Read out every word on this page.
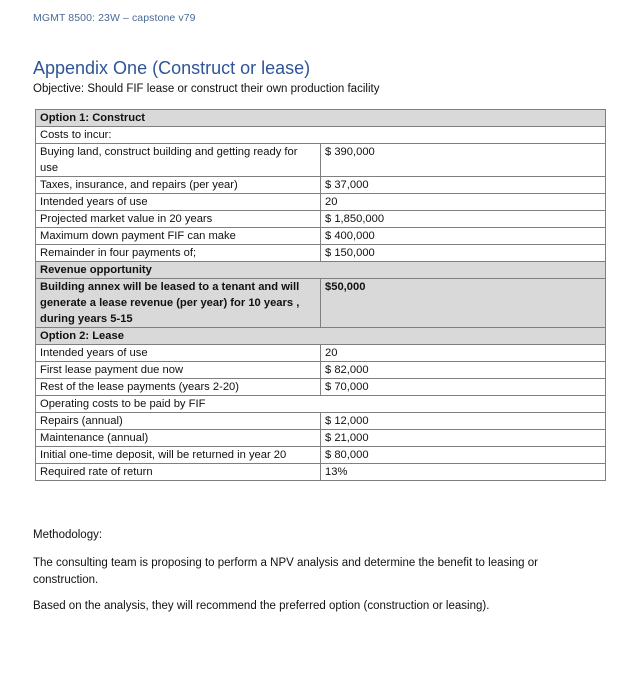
MGMT 8500: 23W – capstone v79
Appendix One (Construct or lease)
Objective: Should FIF lease or construct their own production facility
Option 1: Construct	
Costs to incur:	
Buying land, construct building and getting ready for use	$ 390,000
Taxes, insurance, and repairs (per year)	$ 37,000
Intended years of use	20
Projected market value in 20 years	$ 1,850,000
Maximum down payment FIF can make	$ 400,000
Remainder in four payments of;	$ 150,000
Revenue opportunity	
Building annex will be leased to a tenant and will generate a lease revenue (per year) for 10 years , during years 5-15	$50,000
Option 2: Lease	
Intended years of use	20
First lease payment due now	$ 82,000
Rest of the lease payments (years 2-20)	$ 70,000
Operating costs to be paid by FIF	
Repairs (annual)	$ 12,000
Maintenance (annual)	$ 21,000
Initial one-time deposit, will be returned in year 20	$ 80,000
Required rate of return	13%
Methodology:
The consulting team is proposing to perform a NPV analysis and determine the benefit to leasing or construction.
Based on the analysis, they will recommend the preferred option (construction or leasing).
